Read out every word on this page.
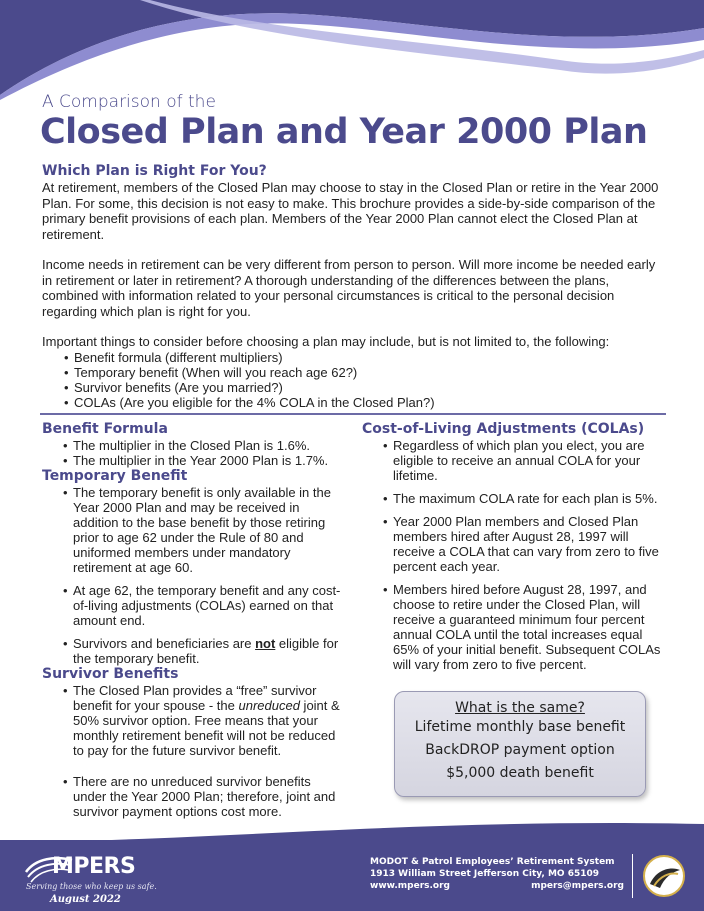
A Comparison of the
Closed Plan and Year 2000 Plan
Which Plan is Right For You?

At retirement, members of the Closed Plan may choose to stay in the Closed Plan or retire in the Year 2000 Plan. For some, this decision is not easy to make. This brochure provides a side-by-side comparison of the primary benefit provisions of each plan. Members of the Year 2000 Plan cannot elect the Closed Plan at retirement.

Income needs in retirement can be very different from person to person. Will more income be needed early in retirement or later in retirement? A thorough understanding of the differences between the plans, combined with information related to your personal circumstances is critical to the personal decision regarding which plan is right for you.

Important things to consider before choosing a plan may include, but is not limited to, the following:

• Benefit formula (different multipliers)
• Temporary benefit (When will you reach age 62?)
• Survivor benefits (Are you married?)
• COLAs (Are you eligible for the 4% COLA in the Closed Plan?)
Benefit Formula
• The multiplier in the Closed Plan is 1.6%.
• The multiplier in the Year 2000 Plan is 1.7%.
Temporary Benefit
• The temporary benefit is only available in the Year 2000 Plan and may be received in addition to the base benefit by those retiring prior to age 62 under the Rule of 80 and uniformed members under mandatory retirement at age 60.
• At age 62, the temporary benefit and any cost-of-living adjustments (COLAs) earned on that amount end.
• Survivors and beneficiaries are not eligible for the temporary benefit.
Survivor Benefits
• The Closed Plan provides a “free” survivor benefit for your spouse - the unreduced joint & 50% survivor option. Free means that your monthly retirement benefit will not be reduced to pay for the future survivor benefit.
• There are no unreduced survivor benefits under the Year 2000 Plan; therefore, joint and survivor payment options cost more.
Cost-of-Living Adjustments (COLAs)
• Regardless of which plan you elect, you are eligible to receive an annual COLA for your lifetime.
• The maximum COLA rate for each plan is 5%.
• Year 2000 Plan members and Closed Plan members hired after August 28, 1997 will receive a COLA that can vary from zero to five percent each year.
• Members hired before August 28, 1997, and choose to retire under the Closed Plan, will receive a guaranteed minimum four percent annual COLA until the total increases equal 65% of your initial benefit. Subsequent COLAs will vary from zero to five percent.
What is the same?
Lifetime monthly base benefit
BackDROP payment option
$5,000 death benefit
MPERS
Serving those who keep us safe.
August 2022
MODOT & Patrol Employees’ Retirement System
1913 William Street Jefferson City, MO 65109
www.mpers.org	mpers@mpers.org
